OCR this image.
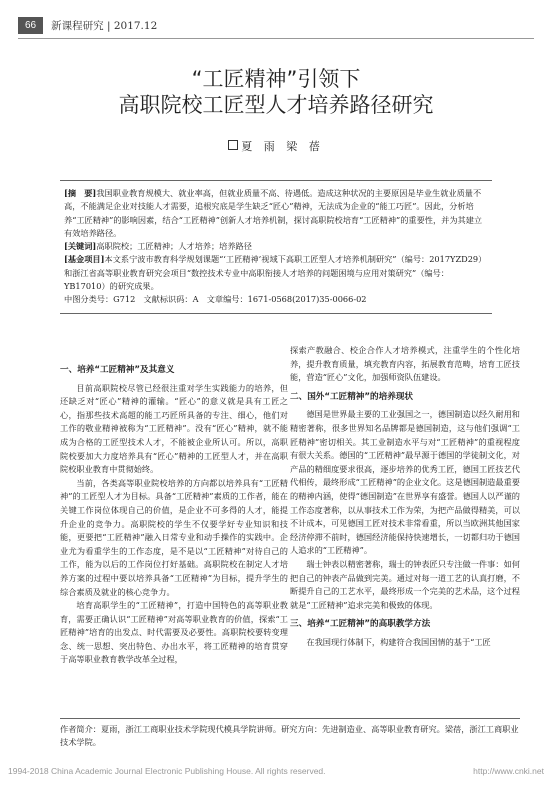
66	新课程研究 | 2017.12
“工匠精神”引领下
高职院校工匠型人才培养路径研究
夏 雨 梁 蓓

[摘　要]我国职业教育规模大、就业率高，但就业质量不高、待遇低。造成这种状况的主要原因是毕业生就业质量不高，不能满足企业对技能人才需要，追根究底是学生缺乏“匠心”精神，无法成为企业的“能工巧匠”。因此，分析培养“工匠精神”的影响因素，结合“工匠精神”创新人才培养机制，探讨高职院校培育“工匠精神”的重要性，并为其建立有效培养路径。

[关键词]高职院校；工匠精神；人才培养；培养路径

[基金项目]本文系宁波市教育科学规划课题“‘工匠精神’视域下高职工匠型人才培养机制研究”（编号：2017YZD29）和浙江省高等职业教育研究会项目“数控技术专业中高职衔接人才培养的问题困境与应用对策研究”（编号：YB17010）的研究成果。

中图分类号：G712　文献标识码：A　文章编号：1671-0568(2017)35-0066-02

一、培养“工匠精神”及其意义

目前高职院校尽管已经很注重对学生实践能力的培养，但还缺乏对“匠心”精神的灌输。“匠心”的意义就是具有工匠之心，指那些技术高超的能工巧匠所具备的专注、细心，他们对工作的敬业精神被称为“工匠精神”。没有“匠心”精神，就不能成为合格的工匠型技术人才，不能被企业所认可。所以，高职院校要加大力度培养具有“匠心”精神的工匠型人才，并在高职院校职业教育中贯彻始终。

当前，各类高等职业院校培养的方向都以培养具有“工匠精神”的工匠型人才为目标。具备“工匠精神”素质的工作者，能在关键工作岗位体现自己的价值，是企业不可多得的人才，能提升企业的竞争力。高职院校的学生不仅要学好专业知识和技能，更要把“工匠精神”融入日常专业和动手操作的实践中。企业尤为看重学生的工作态度，是不是以“工匠精神”对待自己的工作，能为以后的工作岗位打好基础。高职院校在制定人才培养方案的过程中要以培养具备“工匠精神”为目标，提升学生的综合素质及就业的核心竞争力。

培育高职学生的“工匠精神”，打造中国特色的高等职业教育，需要正确认识“工匠精神”对高等职业教育的价值，探索“工匠精神”培育的出发点、时代需要及必要性。高职院校要转变理念、统一思想、突出特色、办出水平，将工匠精神的培育贯穿于高等职业教育教学改革全过程，

探索产教融合、校企合作人才培养模式，注重学生的个性化培养，提升教育质量，填充教育内容，拓展教育范畴，培育工匠技能，营造“匠心”文化，加强师资队伍建设。

二、国外“工匠精神”的培养现状

德国是世界最主要的工业强国之一，德国制造以经久耐用和精密著称，很多世界知名品牌都是德国制造，这与他们强调“工匠精神”密切相关。其工业制造水平与对“工匠精神”的重视程度有很大关系。德国的“工匠精神”最早源于德国的学徒制文化，对产品的精细度要求很高，逐步培养的优秀工匠，德国工匠技艺代代相传，最终形成“工匠精神”的企业文化。这是德国制造最重要的精神内涵，使得“德国制造”在世界享有盛誉。德国人以严谨的工作态度著称，以从事技术工作为荣，为把产品做得精美，可以不计成本，可见德国工匠对技术非常看重，所以当欧洲其他国家经济停滞不前时，德国经济能保持快速增长，一切都归功于德国人追求的“工匠精神”。

瑞士钟表以精密著称，瑞士的钟表匠只专注做一件事：如何把自己的钟表产品做到完美。通过对每一道工艺的认真打磨，不断提升自己的工艺水平，最终形成一个完美的艺术品，这个过程就是“工匠精神”追求完美和极致的体现。

三、培养“工匠精神”的高职教学方法

在我国现行体制下，构建符合我国国情的基于“工匠

作者简介：夏雨，浙江工商职业技术学院现代模具学院讲师。研究方向：先进制造业、高等职业教育研究。梁蓓，浙江工商职业技术学院。
1994-2018 China Academic Journal Electronic Publishing House. All rights reserved.	http://www.cnki.net
